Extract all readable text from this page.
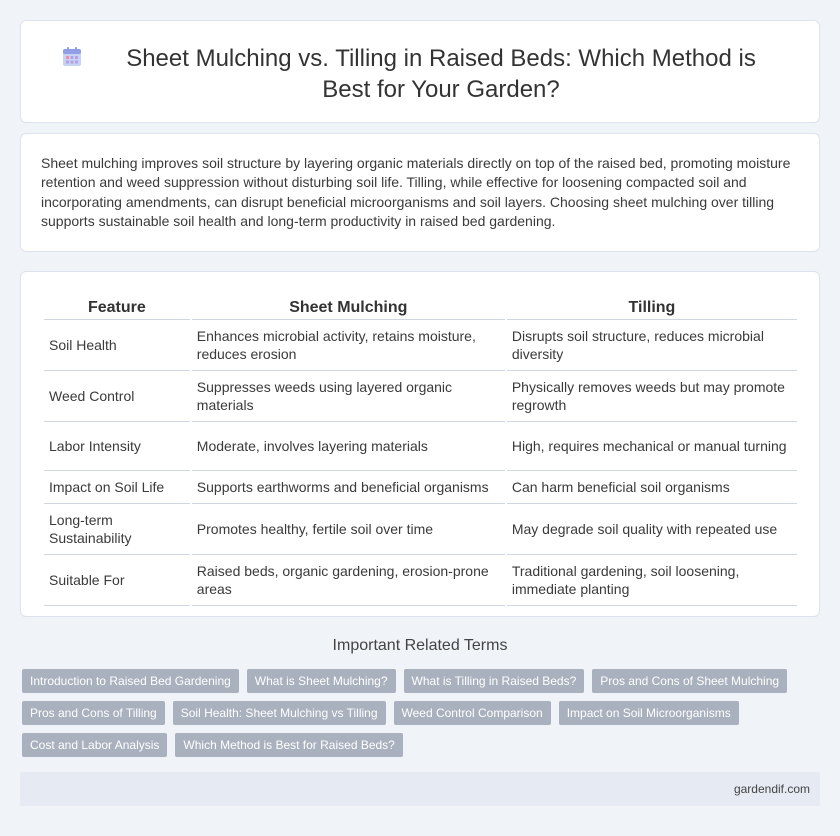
Sheet Mulching vs. Tilling in Raised Beds: Which Method is Best for Your Garden?

Sheet mulching improves soil structure by layering organic materials directly on top of the raised bed, promoting moisture retention and weed suppression without disturbing soil life. Tilling, while effective for loosening compacted soil and incorporating amendments, can disrupt beneficial microorganisms and soil layers. Choosing sheet mulching over tilling supports sustainable soil health and long-term productivity in raised bed gardening.

Feature	Sheet Mulching	Tilling
Soil Health	Enhances microbial activity, retains moisture, reduces erosion	Disrupts soil structure, reduces microbial diversity
Weed Control	Suppresses weeds using layered organic materials	Physically removes weeds but may promote regrowth
Labor Intensity	Moderate, involves layering materials	High, requires mechanical or manual turning
Impact on Soil Life	Supports earthworms and beneficial organisms	Can harm beneficial soil organisms
Long-term Sustainability	Promotes healthy, fertile soil over time	May degrade soil quality with repeated use
Suitable For	Raised beds, organic gardening, erosion-prone areas	Traditional gardening, soil loosening, immediate planting
Important Related Terms
Introduction to Raised Bed Gardening	What is Sheet Mulching?	What is Tilling in Raised Beds?	Pros and Cons of Sheet Mulching
Pros and Cons of Tilling	Soil Health: Sheet Mulching vs Tilling	Weed Control Comparison	Impact on Soil Microorganisms
Cost and Labor Analysis	Which Method is Best for Raised Beds?
gardendif.com
